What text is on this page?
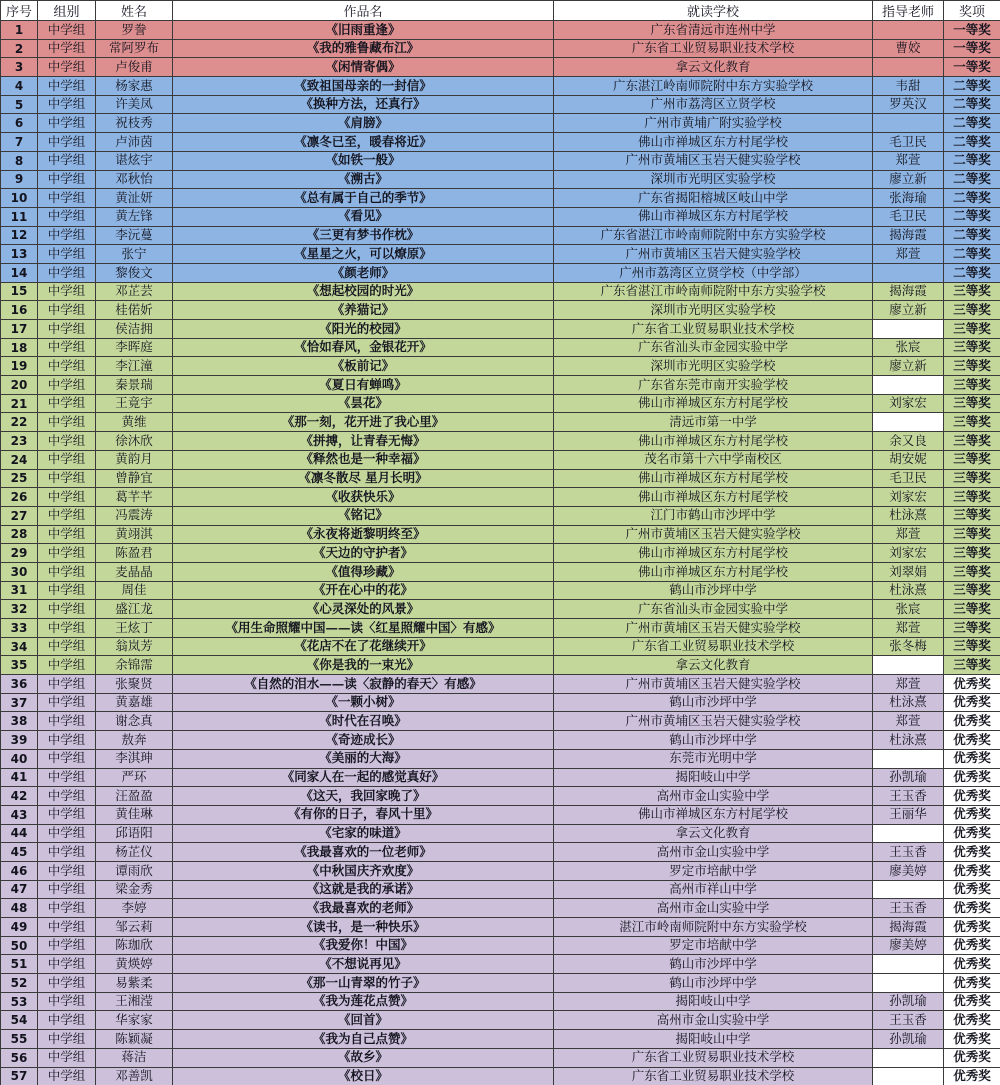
序号	组别	姓名	作品名	就读学校	指导老师	奖项
1	中学组	罗誊	《旧雨重逢》	广东省清远市连州中学		一等奖
2	中学组	常阿罗布	《我的雅鲁藏布江》	广东省工业贸易职业技术学校	曹姣	一等奖
3	中学组	卢俊甫	《闲情寄偶》	拿云文化教育		一等奖
4	中学组	杨家惠	《致祖国母亲的一封信》	广东湛江岭南师院附中东方实验学校	韦甜	二等奖
5	中学组	许美凤	《换种方法，还真行》	广州市荔湾区立贤学校	罗英汉	二等奖
6	中学组	祝枝秀	《肩膀》	广州市黄埔广附实验学校		二等奖
7	中学组	卢沛茵	《凛冬已至，暖春将近》	佛山市禅城区东方村尾学校	毛卫民	二等奖
8	中学组	谌炫宇	《如铁一般》	广州市黄埔区玉岩天健实验学校	郑萱	二等奖
9	中学组	邓秋怡	《溯古》	深圳市光明区实验学校	廖立新	二等奖
10	中学组	黄沚妍	《总有属于自己的季节》	广东省揭阳榕城区岐山中学	张海瑜	二等奖
11	中学组	黄左锋	《看见》	佛山市禅城区东方村尾学校	毛卫民	二等奖
12	中学组	李沅蔓	《三更有梦书作枕》	广东省湛江市岭南师院附中东方实验学校	揭海霞	二等奖
13	中学组	张宁	《星星之火，可以燎原》	广州市黄埔区玉岩天健实验学校	郑萱	二等奖
14	中学组	黎俊文	《颜老师》	广州市荔湾区立贤学校（中学部）		二等奖
15	中学组	邓芷芸	《想起校园的时光》	广东省湛江市岭南师院附中东方实验学校	揭海霞	三等奖
16	中学组	桂偌妡	《养猫记》	深圳市光明区实验学校	廖立新	三等奖
17	中学组	侯洁拥	《阳光的校园》	广东省工业贸易职业技术学校		三等奖
18	中学组	李晖庭	《恰如春风，金银花开》	广东省汕头市金园实验中学	张宸	三等奖
19	中学组	李江潼	《板前记》	深圳市光明区实验学校	廖立新	三等奖
20	中学组	秦景瑞	《夏日有蝉鸣》	广东省东莞市南开实验学校		三等奖
21	中学组	王竟宇	《昙花》	佛山市禅城区东方村尾学校	刘家宏	三等奖
22	中学组	黄维	《那一刻，花开进了我心里》	清远市第一中学		三等奖
23	中学组	徐沐欣	《拼搏，让青春无悔》	佛山市禅城区东方村尾学校	余又良	三等奖
24	中学组	黄韵月	《释然也是一种幸福》	茂名市第十六中学南校区	胡安妮	三等奖
25	中学组	曾静宜	《凛冬散尽 星月长明》	佛山市禅城区东方村尾学校	毛卫民	三等奖
26	中学组	葛芊芊	《收获快乐》	佛山市禅城区东方村尾学校	刘家宏	三等奖
27	中学组	冯震涛	《铭记》	江门市鹤山市沙坪中学	杜泳熹	三等奖
28	中学组	黄翊淇	《永夜将逝黎明终至》	广州市黄埔区玉岩天健实验学校	郑萱	三等奖
29	中学组	陈盈君	《天边的守护者》	佛山市禅城区东方村尾学校	刘家宏	三等奖
30	中学组	麦晶晶	《值得珍藏》	佛山市禅城区东方村尾学校	刘翠娟	三等奖
31	中学组	周佳	《开在心中的花》	鹤山市沙坪中学	杜泳熹	三等奖
32	中学组	盛江龙	《心灵深处的风景》	广东省汕头市金园实验中学	张宸	三等奖
33	中学组	王炫丁	《用生命照耀中国——读〈红星照耀中国〉有感》	广州市黄埔区玉岩天健实验学校	郑萱	三等奖
34	中学组	翁岚芳	《花店不在了花继续开》	广东省工业贸易职业技术学校	张冬梅	三等奖
35	中学组	余锦霈	《你是我的一束光》	拿云文化教育		三等奖
36	中学组	张聚贤	《自然的泪水——读〈寂静的春天〉有感》	广州市黄埔区玉岩天健实验学校	郑萱	优秀奖
37	中学组	黄嘉雄	《一颗小树》	鹤山市沙坪中学	杜泳熹	优秀奖
38	中学组	谢念真	《时代在召唤》	广州市黄埔区玉岩天健实验学校	郑萱	优秀奖
39	中学组	敖奔	《奇迹成长》	鹤山市沙坪中学	杜泳熹	优秀奖
40	中学组	李淇珅	《美丽的大海》	东莞市光明中学		优秀奖
41	中学组	严环	《同家人在一起的感觉真好》	揭阳岐山中学	孙凯瑜	优秀奖
42	中学组	汪盈盈	《这天，我回家晚了》	高州市金山实验中学	王玉香	优秀奖
43	中学组	黄佳琳	《有你的日子，春风十里》	佛山市禅城区东方村尾学校	王丽华	优秀奖
44	中学组	邱语阳	《宅家的味道》	拿云文化教育		优秀奖
45	中学组	杨芷仪	《我最喜欢的一位老师》	高州市金山实验中学	王玉香	优秀奖
46	中学组	谭雨欣	《中秋国庆齐欢度》	罗定市培献中学	廖美婷	优秀奖
47	中学组	梁金秀	《这就是我的承诺》	高州市祥山中学		优秀奖
48	中学组	李婷	《我最喜欢的老师》	高州市金山实验中学	王玉香	优秀奖
49	中学组	邹云莉	《读书，是一种快乐》	湛江市岭南师院附中东方实验学校	揭海霞	优秀奖
50	中学组	陈珈欣	《我爱你！中国》	罗定市培献中学	廖美婷	优秀奖
51	中学组	黄煐婷	《不想说再见》	鹤山市沙坪中学		优秀奖
52	中学组	易紫柔	《那一山青翠的竹子》	鹤山市沙坪中学		优秀奖
53	中学组	王湘滢	《我为莲花点赞》	揭阳岐山中学	孙凯瑜	优秀奖
54	中学组	华家家	《回首》	高州市金山实验中学	王玉香	优秀奖
55	中学组	陈颖凝	《我为自己点赞》	揭阳岐山中学	孙凯瑜	优秀奖
56	中学组	蒋洁	《故乡》	广东省工业贸易职业技术学校		优秀奖
57	中学组	邓善凯	《校日》	广东省工业贸易职业技术学校		优秀奖
